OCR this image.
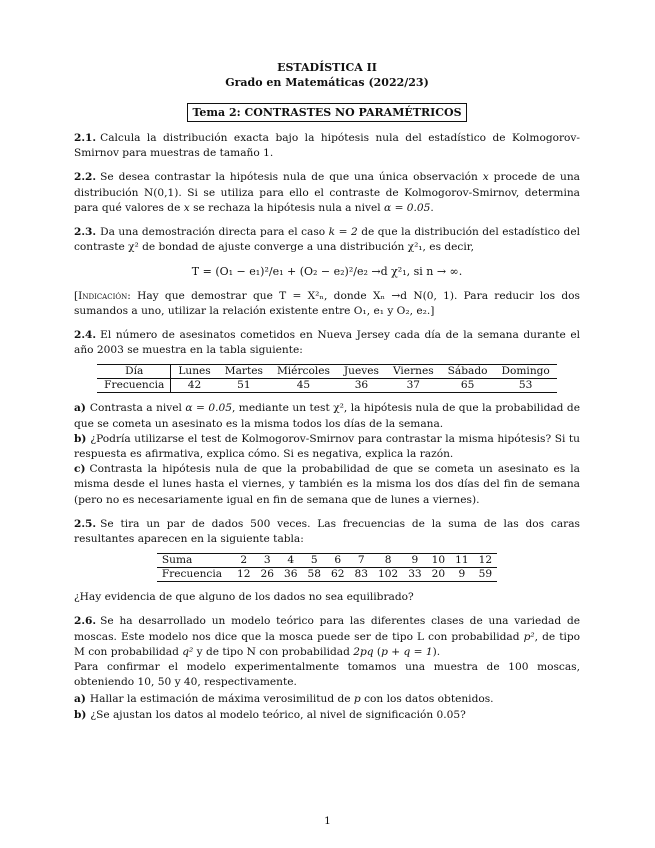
ESTADÍSTICA II
Grado en Matemáticas (2022/23)
Tema 2: CONTRASTES NO PARAMÉTRICOS

2.1. Calcula la distribución exacta bajo la hipótesis nula del estadístico de Kolmogorov-Smirnov para muestras de tamaño 1.

2.2. Se desea contrastar la hipótesis nula de que una única observación x procede de una distribución N(0,1). Si se utiliza para ello el contraste de Kolmogorov-Smirnov, determina para qué valores de x se rechaza la hipótesis nula a nivel α = 0.05.

2.3. Da una demostración directa para el caso k = 2 de que la distribución del estadístico del contraste χ² de bondad de ajuste converge a una distribución χ²₁, es decir,

T = (O₁ − e₁)²/e₁ + (O₂ − e₂)²/e₂ →d χ²₁, si n → ∞.

[Indicación: Hay que demostrar que T = X²ₙ, donde Xₙ →d N(0, 1). Para reducir los dos sumandos a uno, utilizar la relación existente entre O₁, e₁ y O₂, e₂.]

2.4. El número de asesinatos cometidos en Nueva Jersey cada día de la semana durante el año 2003 se muestra en la tabla siguiente:

Día	Lunes	Martes	Miércoles	Jueves	Viernes	Sábado	Domingo
Frecuencia	42	51	45	36	37	65	53

a) Contrasta a nivel α = 0.05, mediante un test χ², la hipótesis nula de que la probabilidad de que se cometa un asesinato es la misma todos los días de la semana.

b) ¿Podría utilizarse el test de Kolmogorov-Smirnov para contrastar la misma hipótesis? Si tu respuesta es afirmativa, explica cómo. Si es negativa, explica la razón.

c) Contrasta la hipótesis nula de que la probabilidad de que se cometa un asesinato es la misma desde el lunes hasta el viernes, y también es la misma los dos días del fin de semana (pero no es necesariamente igual en fin de semana que de lunes a viernes).

2.5. Se tira un par de dados 500 veces. Las frecuencias de la suma de las dos caras resultantes aparecen en la siguiente tabla:

Suma	2	3	4	5	6	7	8	9	10	11	12
Frecuencia	12	26	36	58	62	83	102	33	20	9	59

¿Hay evidencia de que alguno de los dados no sea equilibrado?

2.6. Se ha desarrollado un modelo teórico para las diferentes clases de una variedad de moscas. Este modelo nos dice que la mosca puede ser de tipo L con probabilidad p², de tipo M con probabilidad q² y de tipo N con probabilidad 2pq (p + q = 1).

Para confirmar el modelo experimentalmente tomamos una muestra de 100 moscas, obteniendo 10, 50 y 40, respectivamente.

a) Hallar la estimación de máxima verosimilitud de p con los datos obtenidos.

b) ¿Se ajustan los datos al modelo teórico, al nivel de significación 0.05?

1
